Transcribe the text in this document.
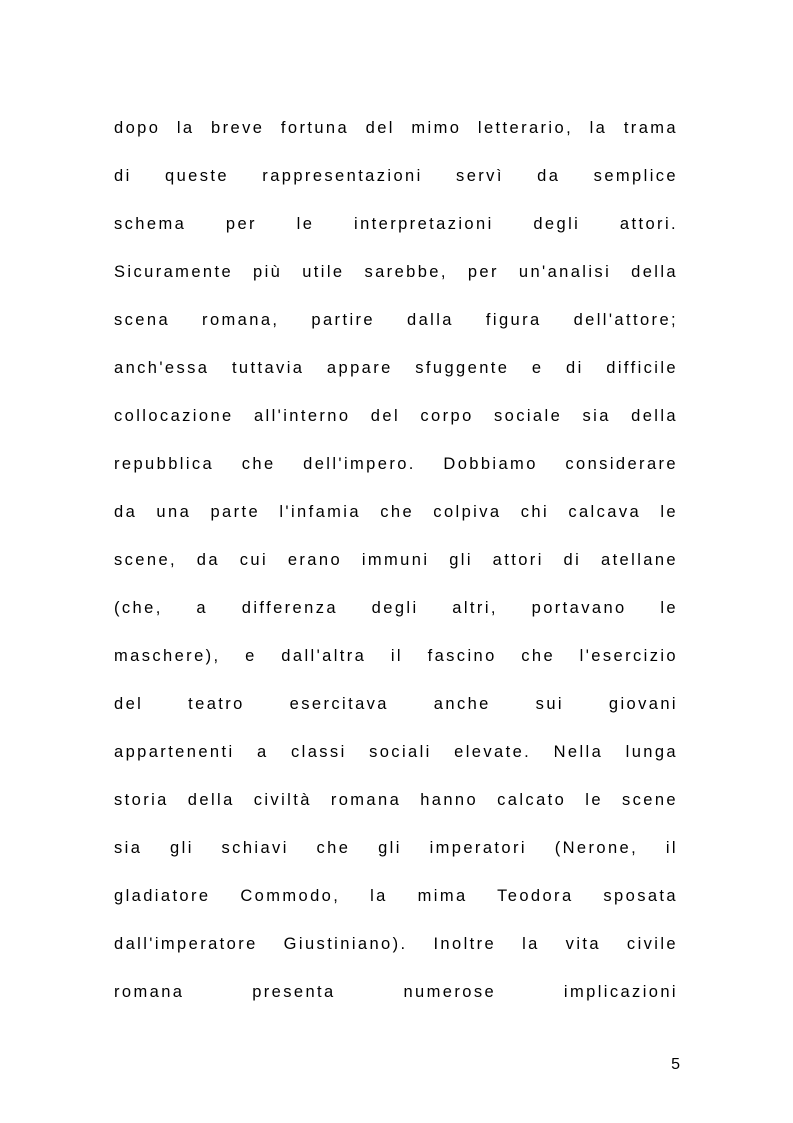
dopo la breve fortuna del mimo letterario, la trama
di queste rappresentazioni servì da semplice
schema per le interpretazioni degli attori.
Sicuramente più utile sarebbe, per un'analisi della
scena romana, partire dalla figura dell'attore;
anch'essa tuttavia appare sfuggente e di difficile
collocazione all'interno del corpo sociale sia della
repubblica che dell'impero. Dobbiamo considerare
da una parte l'infamia che colpiva chi calcava le
scene, da cui erano immuni gli attori di atellane
(che, a differenza degli altri, portavano le
maschere), e dall'altra il fascino che l'esercizio
del teatro esercitava anche sui giovani
appartenenti a classi sociali elevate. Nella lunga
storia della civiltà romana hanno calcato le scene
sia gli schiavi che gli imperatori (Nerone, il
gladiatore Commodo, la mima Teodora sposata
dall'imperatore Giustiniano). Inoltre la vita civile
romana presenta numerose implicazioni
5
